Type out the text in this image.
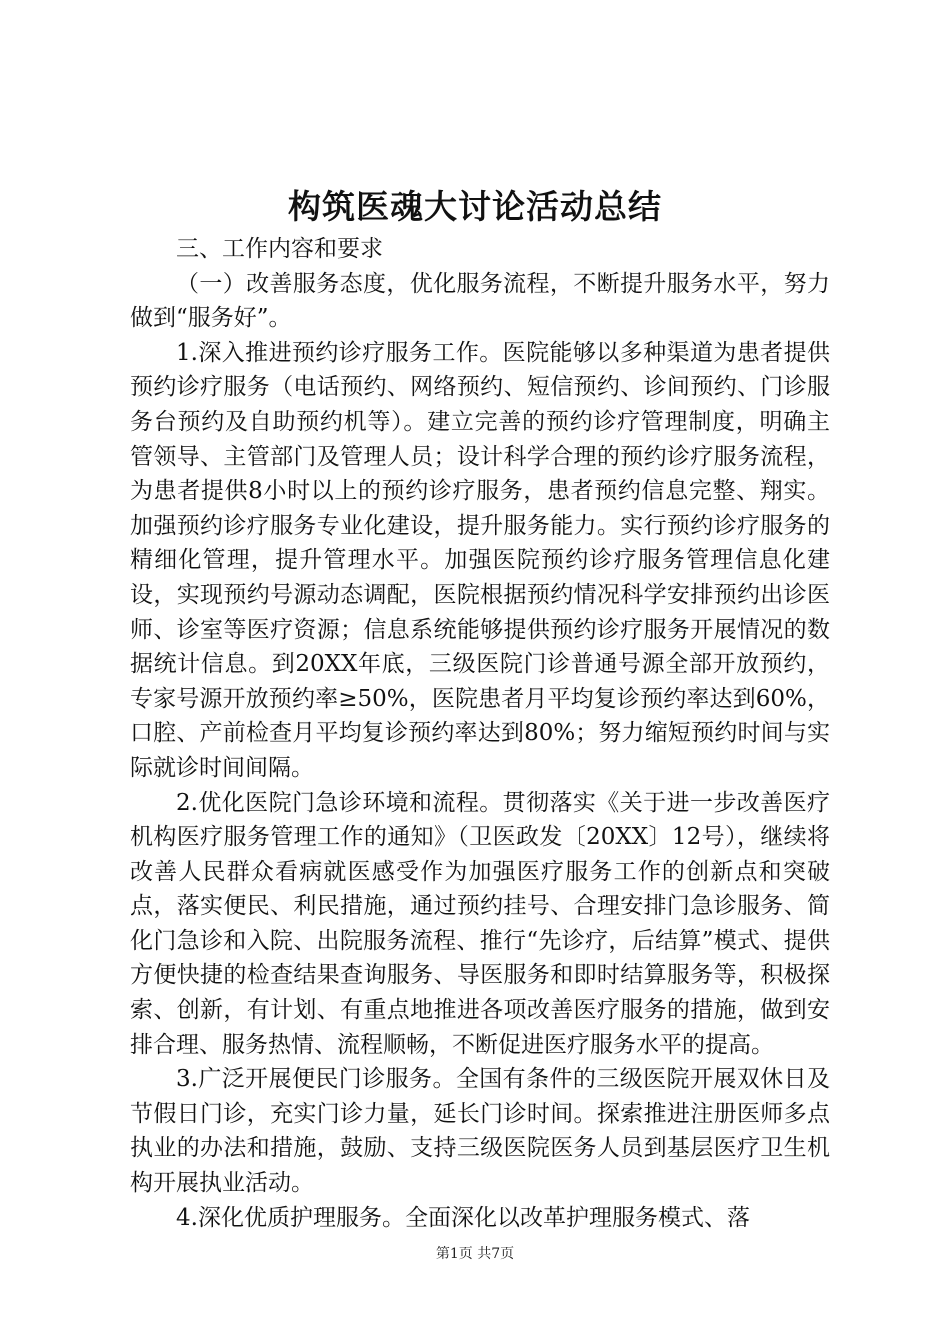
构筑医魂大讨论活动总结

三、工作内容和要求

（一）改善服务态度，优化服务流程，不断提升服务水平，努力做到“服务好”。

1.深入推进预约诊疗服务工作。医院能够以多种渠道为患者提供预约诊疗服务（电话预约、网络预约、短信预约、诊间预约、门诊服务台预约及自助预约机等）。建立完善的预约诊疗管理制度，明确主管领导、主管部门及管理人员；设计科学合理的预约诊疗服务流程，为患者提供8小时以上的预约诊疗服务，患者预约信息完整、翔实。加强预约诊疗服务专业化建设，提升服务能力。实行预约诊疗服务的精细化管理，提升管理水平。加强医院预约诊疗服务管理信息化建设，实现预约号源动态调配，医院根据预约情况科学安排预约出诊医师、诊室等医疗资源；信息系统能够提供预约诊疗服务开展情况的数据统计信息。到20XX年底，三级医院门诊普通号源全部开放预约，专家号源开放预约率≥50%，医院患者月平均复诊预约率达到60%，口腔、产前检查月平均复诊预约率达到80%；努力缩短预约时间与实际就诊时间间隔。

2.优化医院门急诊环境和流程。贯彻落实《关于进一步改善医疗机构医疗服务管理工作的通知》（卫医政发〔20XX〕12号），继续将改善人民群众看病就医感受作为加强医疗服务工作的创新点和突破点，落实便民、利民措施，通过预约挂号、合理安排门急诊服务、简化门急诊和入院、出院服务流程、推行“先诊疗，后结算”模式、提供方便快捷的检查结果查询服务、导医服务和即时结算服务等，积极探索、创新，有计划、有重点地推进各项改善医疗服务的措施，做到安排合理、服务热情、流程顺畅，不断促进医疗服务水平的提高。

3.广泛开展便民门诊服务。全国有条件的三级医院开展双休日及节假日门诊，充实门诊力量，延长门诊时间。探索推进注册医师多点执业的办法和措施，鼓励、支持三级医院医务人员到基层医疗卫生机构开展执业活动。

4.深化优质护理服务。全面深化以改革护理服务模式、落

第1页 共7页
